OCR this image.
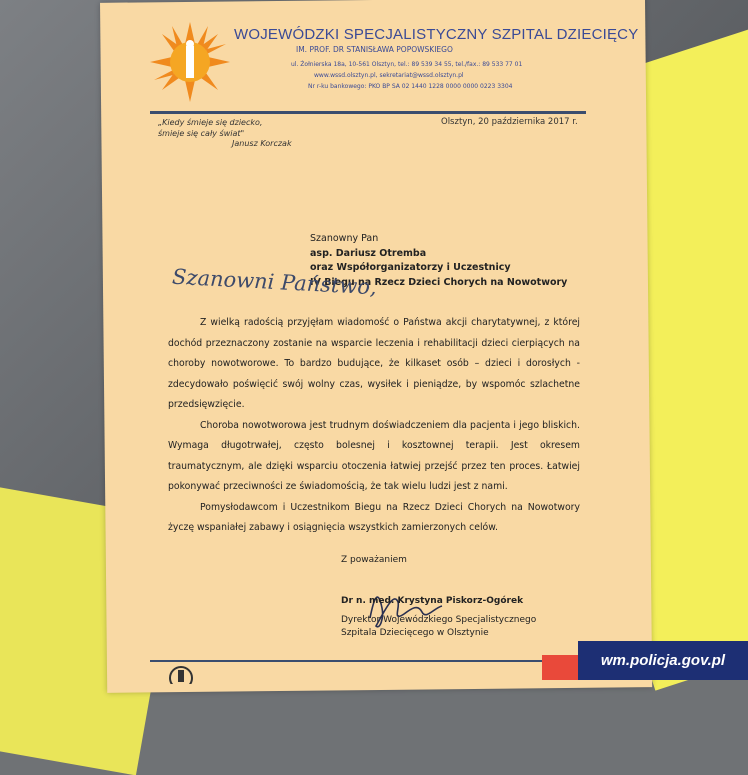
WOJEWÓDZKI SPECJALISTYCZNY SZPITAL DZIECIĘCY
IM. PROF. DR STANISŁAWA POPOWSKIEGO
ul. Żołnierska 18a, 10-561 Olsztyn, tel.: 89 539 34 55, tel./fax.: 89 533 77 01
www.wssd.olsztyn.pl, sekretariat@wssd.olsztyn.pl
Nr r-ku bankowego: PKO BP SA 02 1440 1228 0000 0000 0223 3304
„Kiedy śmieje się dziecko,
śmieje się cały świat"
Janusz Korczak
Olsztyn, 20 października 2017 r.
Szanowny Pan
asp. Dariusz Otremba
oraz Współorganizatorzy i Uczestnicy
IV Biegu na Rzecz Dzieci Chorych na Nowotwory
Szanowni Państwo,

Z wielką radością przyjęłam wiadomość o Państwa akcji charytatywnej, z której dochód przeznaczony zostanie na wsparcie leczenia i rehabilitacji dzieci cierpiących na choroby nowotworowe. To bardzo budujące, że kilkaset osób – dzieci i dorosłych - zdecydowało poświęcić swój wolny czas, wysiłek i pieniądze, by wspomóc szlachetne przedsięwzięcie.

Choroba nowotworowa jest trudnym doświadczeniem dla pacjenta i jego bliskich. Wymaga długotrwałej, często bolesnej i kosztownej terapii. Jest okresem traumatycznym, ale dzięki wsparciu otoczenia łatwiej przejść przez ten proces. Łatwiej pokonywać przeciwności ze świadomością, że tak wielu ludzi jest z nami.

Pomysłodawcom i Uczestnikom Biegu na Rzecz Dzieci Chorych na Nowotwory życzę wspaniałej zabawy i osiągnięcia wszystkich zamierzonych celów.

Z poważaniem
Dr n. med. Krystyna Piskorz-Ogórek
Dyrektor Wojewódzkiego Specjalistycznego
Szpitala Dziecięcego w Olsztynie
wm.policja.gov.pl
